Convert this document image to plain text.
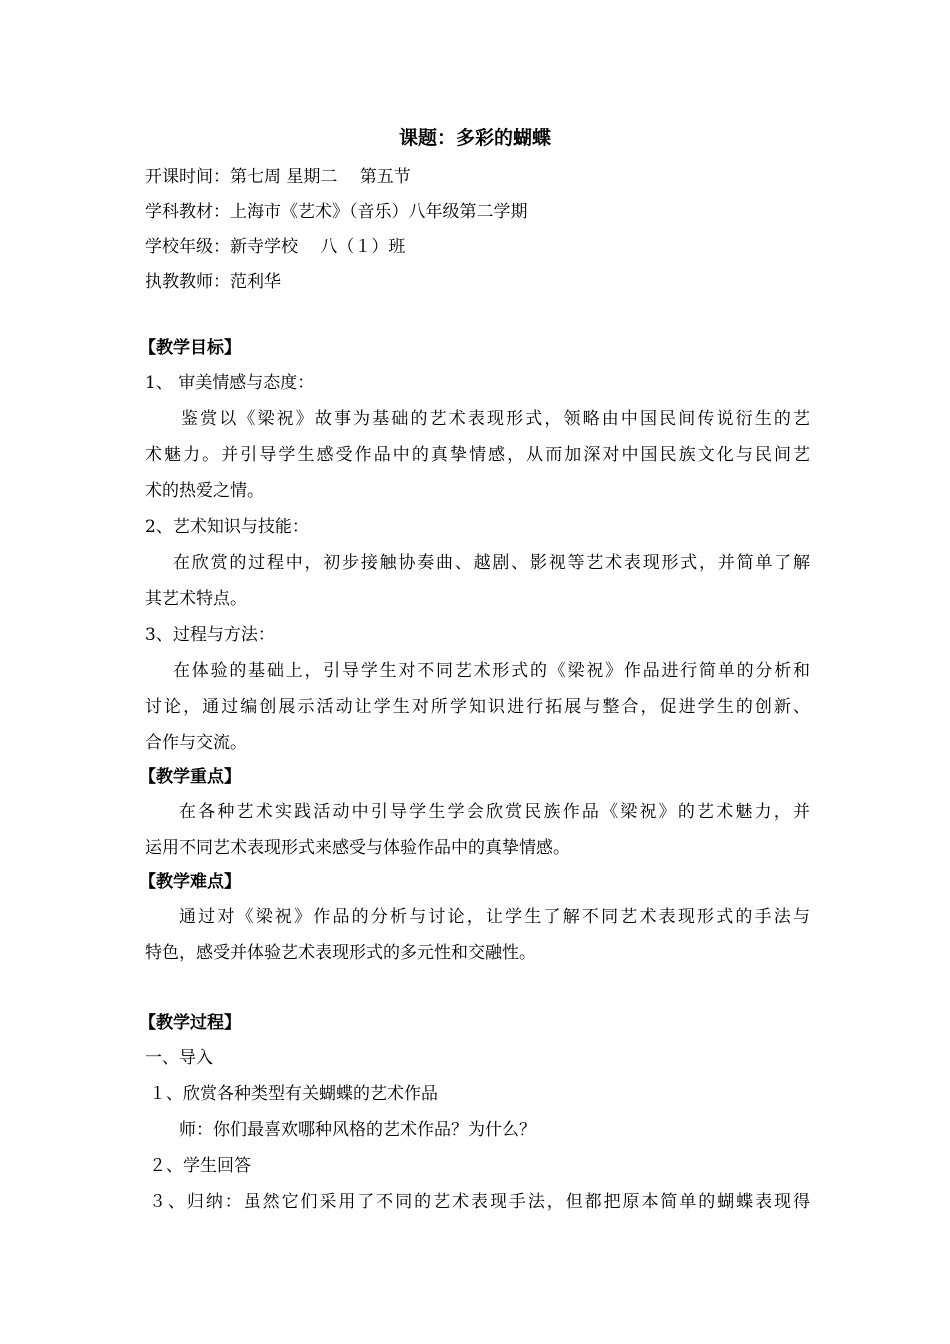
课题：多彩的蝴蝶
开课时间：第七周 星期二　 第五节
学科教材：上海市《艺术》（音乐）八年级第二学期
学校年级：新寺学校　 八（１）班
执教教师：范利华
【教学目标】
1、 审美情感与态度：
鉴赏以《梁祝》故事为基础的艺术表现形式，领略由中国民间传说衍生的艺
术魅力。并引导学生感受作品中的真挚情感，从而加深对中国民族文化与民间艺
术的热爱之情。
2、艺术知识与技能：
在欣赏的过程中，初步接触协奏曲、越剧、影视等艺术表现形式，并简单了解
其艺术特点。
3、过程与方法：
在体验的基础上，引导学生对不同艺术形式的《梁祝》作品进行简单的分析和
讨论，通过编创展示活动让学生对所学知识进行拓展与整合，促进学生的创新、
合作与交流。
【教学重点】
在各种艺术实践活动中引导学生学会欣赏民族作品《梁祝》的艺术魅力，并
运用不同艺术表现形式来感受与体验作品中的真挚情感。
【教学难点】
通过对《梁祝》作品的分析与讨论，让学生了解不同艺术表现形式的手法与
特色，感受并体验艺术表现形式的多元性和交融性。
【教学过程】
一、导入
１、欣赏各种类型有关蝴蝶的艺术作品
师：你们最喜欢哪种风格的艺术作品？为什么？
２、学生回答
３、归纳：虽然它们采用了不同的艺术表现手法，但都把原本简单的蝴蝶表现得
